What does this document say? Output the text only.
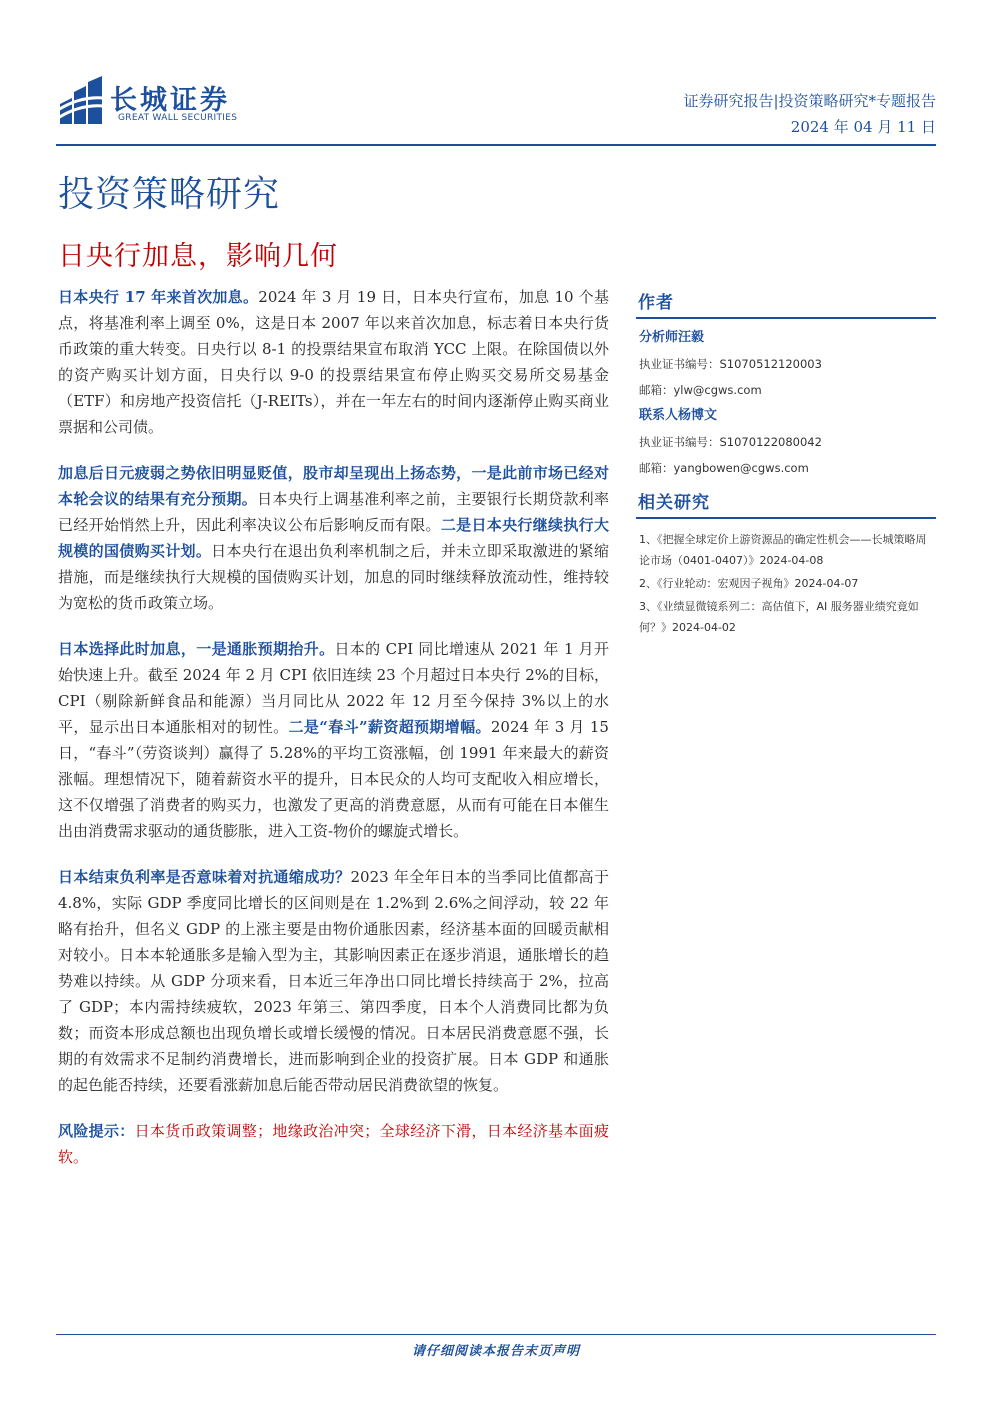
长城证券
GREAT WALL SECURITIES
证券研究报告|投资策略研究*专题报告
2024 年 04 月 11 日
投资策略研究
日央行加息，影响几何

日本央行 17 年来首次加息。2024 年 3 月 19 日，日本央行宣布，加息 10 个基点，将基准利率上调至 0%，这是日本 2007 年以来首次加息，标志着日本央行货币政策的重大转变。日央行以 8-1 的投票结果宣布取消 YCC 上限。在除国债以外的资产购买计划方面，日央行以 9-0 的投票结果宣布停止购买交易所交易基金（ETF）和房地产投资信托（J-REITs），并在一年左右的时间内逐渐停止购买商业票据和公司债。

加息后日元疲弱之势依旧明显贬值，股市却呈现出上扬态势，一是此前市场已经对本轮会议的结果有充分预期。日本央行上调基准利率之前，主要银行长期贷款利率已经开始悄然上升，因此利率决议公布后影响反而有限。二是日本央行继续执行大规模的国债购买计划。日本央行在退出负利率机制之后，并未立即采取激进的紧缩措施，而是继续执行大规模的国债购买计划，加息的同时继续释放流动性，维持较为宽松的货币政策立场。

日本选择此时加息，一是通胀预期抬升。日本的 CPI 同比增速从 2021 年 1 月开始快速上升。截至 2024 年 2 月 CPI 依旧连续 23 个月超过日本央行 2%的目标，CPI（剔除新鲜食品和能源）当月同比从 2022 年 12 月至今保持 3%以上的水平，显示出日本通胀相对的韧性。二是“春斗”薪资超预期增幅。2024 年 3 月 15 日，“春斗”（劳资谈判）赢得了 5.28%的平均工资涨幅，创 1991 年来最大的薪资涨幅。理想情况下，随着薪资水平的提升，日本民众的人均可支配收入相应增长，这不仅增强了消费者的购买力，也激发了更高的消费意愿，从而有可能在日本催生出由消费需求驱动的通货膨胀，进入工资-物价的螺旋式增长。

日本结束负利率是否意味着对抗通缩成功？2023 年全年日本的当季同比值都高于 4.8%，实际 GDP 季度同比增长的区间则是在 1.2%到 2.6%之间浮动，较 22 年略有抬升，但名义 GDP 的上涨主要是由物价通胀因素，经济基本面的回暖贡献相对较小。日本本轮通胀多是输入型为主，其影响因素正在逐步消退，通胀增长的趋势难以持续。从 GDP 分项来看，日本近三年净出口同比增长持续高于 2%，拉高了 GDP；本内需持续疲软，2023 年第三、第四季度，日本个人消费同比都为负数；而资本形成总额也出现负增长或增长缓慢的情况。日本居民消费意愿不强，长期的有效需求不足制约消费增长，进而影响到企业的投资扩展。日本 GDP 和通胀的起色能否持续，还要看涨薪加息后能否带动居民消费欲望的恢复。

风险提示：日本货币政策调整；地缘政治冲突；全球经济下滑，日本经济基本面疲软。

作者
分析师汪毅
执业证书编号：S1070512120003
邮箱：ylw@cgws.com
联系人杨博文
执业证书编号：S1070122080042
邮箱：yangbowen@cgws.com
相关研究
1、《把握全球定价上游资源品的确定性机会——长城策略周论市场（0401-0407）》2024-04-08
2、《行业轮动：宏观因子视角》2024-04-07
3、《业绩显微镜系列二：高估值下，AI 服务器业绩究竟如何？》2024-04-02
请仔细阅读本报告末页声明
